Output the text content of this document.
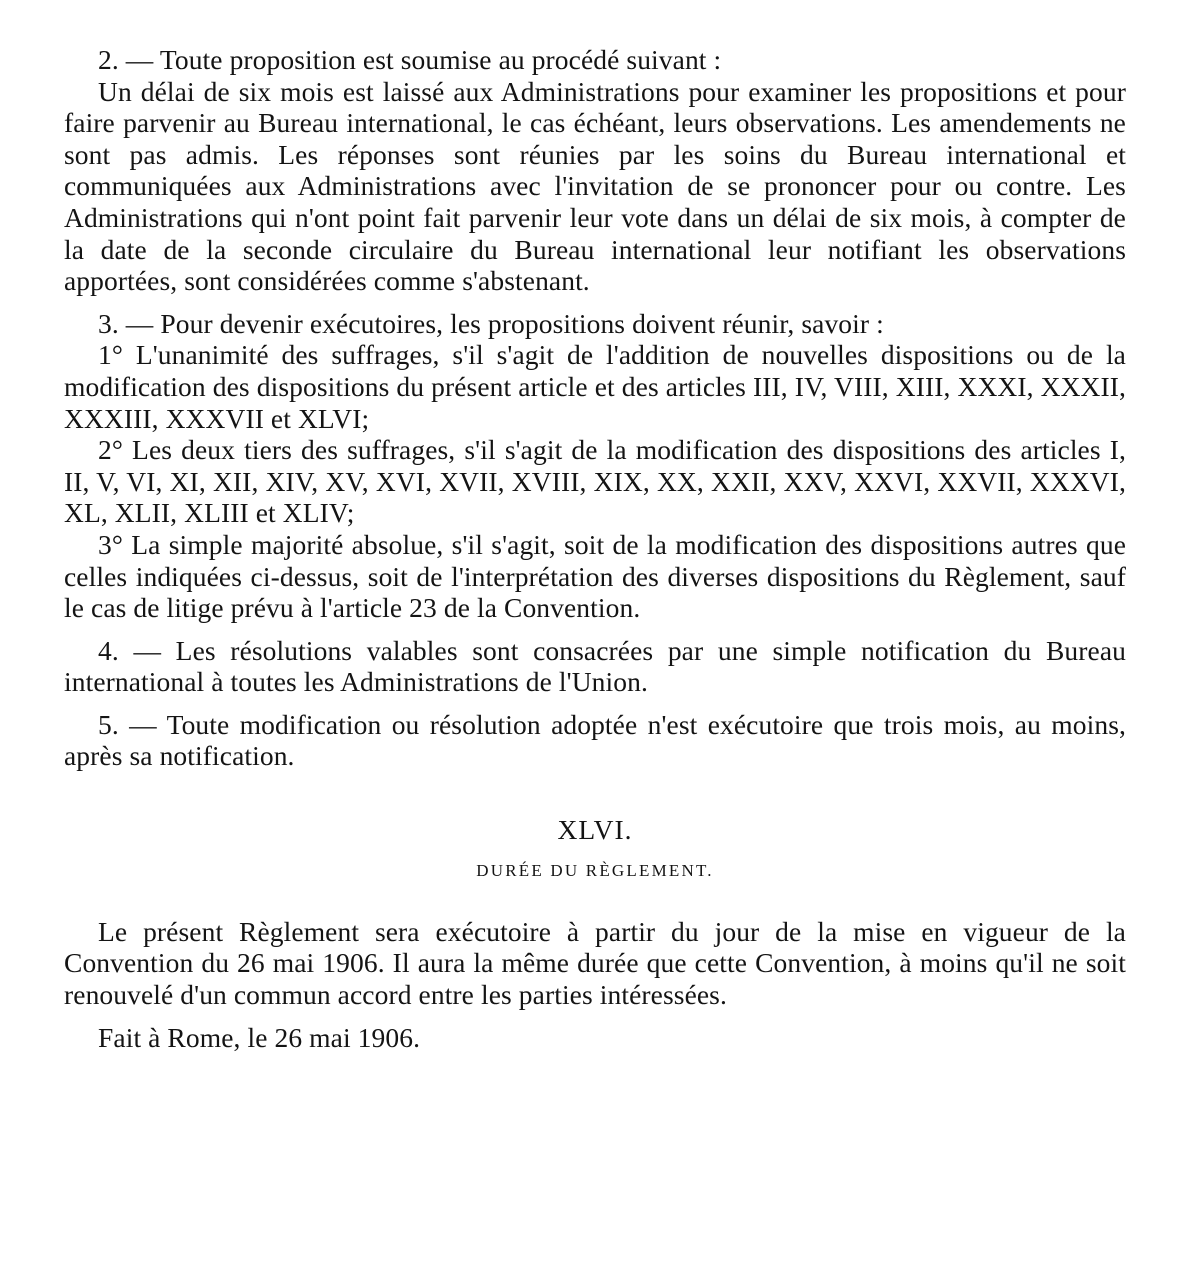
2. — Toute proposition est soumise au procédé suivant :

Un délai de six mois est laissé aux Administrations pour examiner les propositions et pour faire parvenir au Bureau international, le cas échéant, leurs observations. Les amendements ne sont pas admis. Les réponses sont réunies par les soins du Bureau international et communiquées aux Administrations avec l'invitation de se prononcer pour ou contre. Les Administrations qui n'ont point fait parvenir leur vote dans un délai de six mois, à compter de la date de la seconde circulaire du Bureau international leur notifiant les observations apportées, sont considérées comme s'abstenant.

3. — Pour devenir exécutoires, les propositions doivent réunir, savoir :

1° L'unanimité des suffrages, s'il s'agit de l'addition de nouvelles dispositions ou de la modification des dispositions du présent article et des articles III, IV, VIII, XIII, XXXI, XXXII, XXXIII, XXXVII et XLVI;

2° Les deux tiers des suffrages, s'il s'agit de la modification des dispositions des articles I, II, V, VI, XI, XII, XIV, XV, XVI, XVII, XVIII, XIX, XX, XXII, XXV, XXVI, XXVII, XXXVI, XL, XLII, XLIII et XLIV;

3° La simple majorité absolue, s'il s'agit, soit de la modification des dispositions autres que celles indiquées ci-dessus, soit de l'interprétation des diverses dispositions du Règlement, sauf le cas de litige prévu à l'article 23 de la Convention.

4. — Les résolutions valables sont consacrées par une simple notification du Bureau international à toutes les Administrations de l'Union.

5. — Toute modification ou résolution adoptée n'est exécutoire que trois mois, au moins, après sa notification.

XLVI.

DURÉE DU RÈGLEMENT.

Le présent Règlement sera exécutoire à partir du jour de la mise en vigueur de la Convention du 26 mai 1906. Il aura la même durée que cette Convention, à moins qu'il ne soit renouvelé d'un commun accord entre les parties intéressées.

Fait à Rome, le 26 mai 1906.
